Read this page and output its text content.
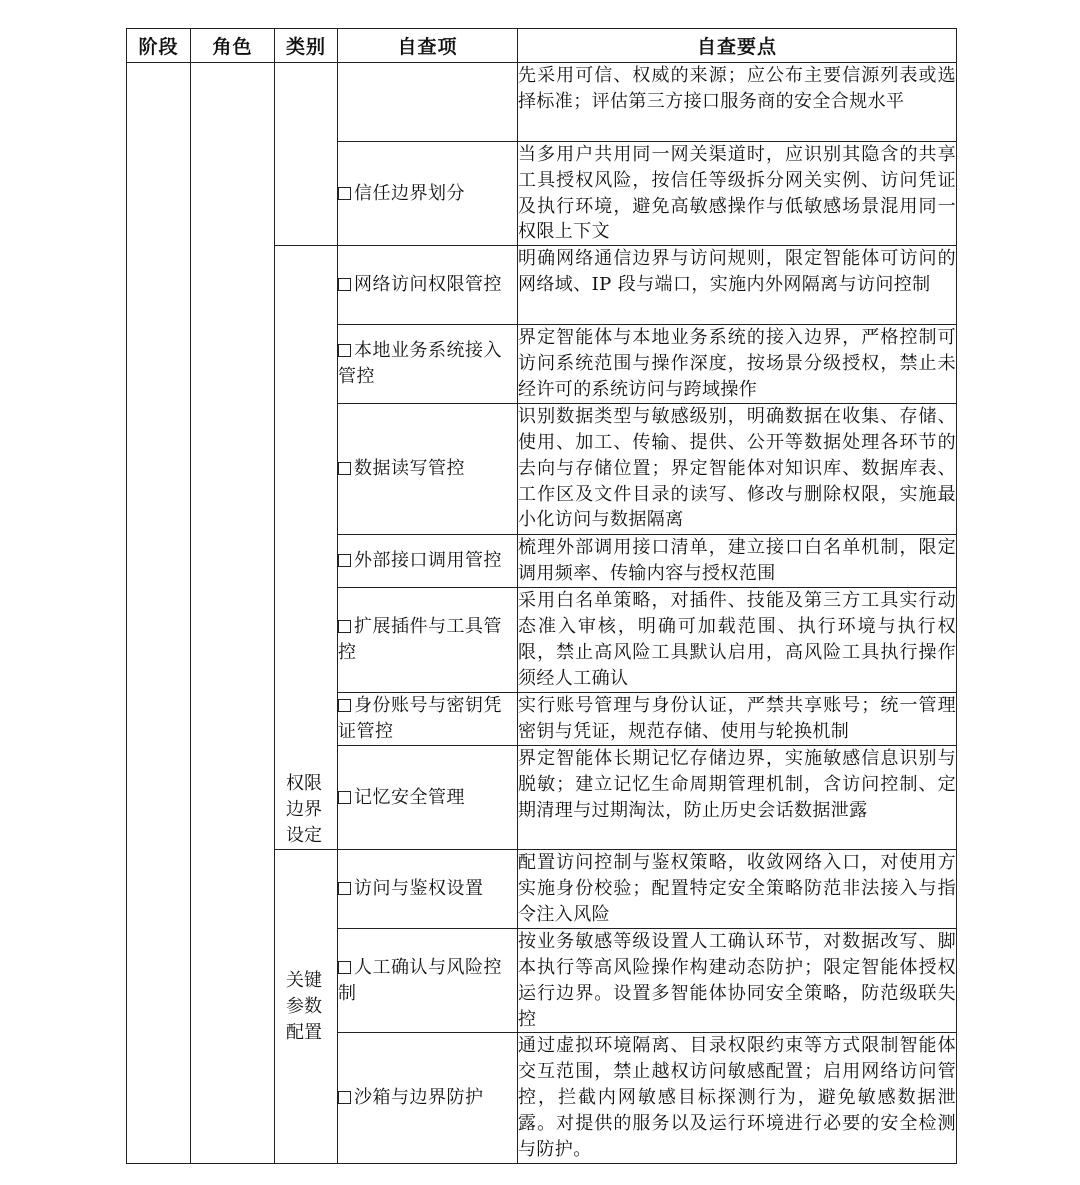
阶段	角色	类别	自查项	自查要点
				先采用可信、权威的来源；应公布主要信源列表或选择标准；评估第三方接口服务商的安全合规水平
			信任边界划分	当多用户共用同一网关渠道时，应识别其隐含的共享工具授权风险，按信任等级拆分网关实例、访问凭证及执行环境，避免高敏感操作与低敏感场景混用同一权限上下文
		权限边界设定	网络访问权限管控	明确网络通信边界与访问规则，限定智能体可访问的网络域、IP 段与端口，实施内外网隔离与访问控制
			本地业务系统接入管控	界定智能体与本地业务系统的接入边界，严格控制可访问系统范围与操作深度，按场景分级授权，禁止未经许可的系统访问与跨域操作
			数据读写管控	识别数据类型与敏感级别，明确数据在收集、存储、使用、加工、传输、提供、公开等数据处理各环节的去向与存储位置；界定智能体对知识库、数据库表、工作区及文件目录的读写、修改与删除权限，实施最小化访问与数据隔离
			外部接口调用管控	梳理外部调用接口清单，建立接口白名单机制，限定调用频率、传输内容与授权范围
			扩展插件与工具管控	采用白名单策略，对插件、技能及第三方工具实行动态准入审核，明确可加载范围、执行环境与执行权限，禁止高风险工具默认启用，高风险工具执行操作须经人工确认
			身份账号与密钥凭证管控	实行账号管理与身份认证，严禁共享账号；统一管理密钥与凭证，规范存储、使用与轮换机制
			记忆安全管理	界定智能体长期记忆存储边界，实施敏感信息识别与脱敏；建立记忆生命周期管理机制，含访问控制、定期清理与过期淘汰，防止历史会话数据泄露
		关键参数配置	访问与鉴权设置	配置访问控制与鉴权策略，收敛网络入口，对使用方实施身份校验；配置特定安全策略防范非法接入与指令注入风险
			人工确认与风险控制	按业务敏感等级设置人工确认环节，对数据改写、脚本执行等高风险操作构建动态防护；限定智能体授权运行边界。设置多智能体协同安全策略，防范级联失控
			沙箱与边界防护	通过虚拟环境隔离、目录权限约束等方式限制智能体交互范围，禁止越权访问敏感配置；启用网络访问管控，拦截内网敏感目标探测行为，避免敏感数据泄露。对提供的服务以及运行环境进行必要的安全检测与防护。
